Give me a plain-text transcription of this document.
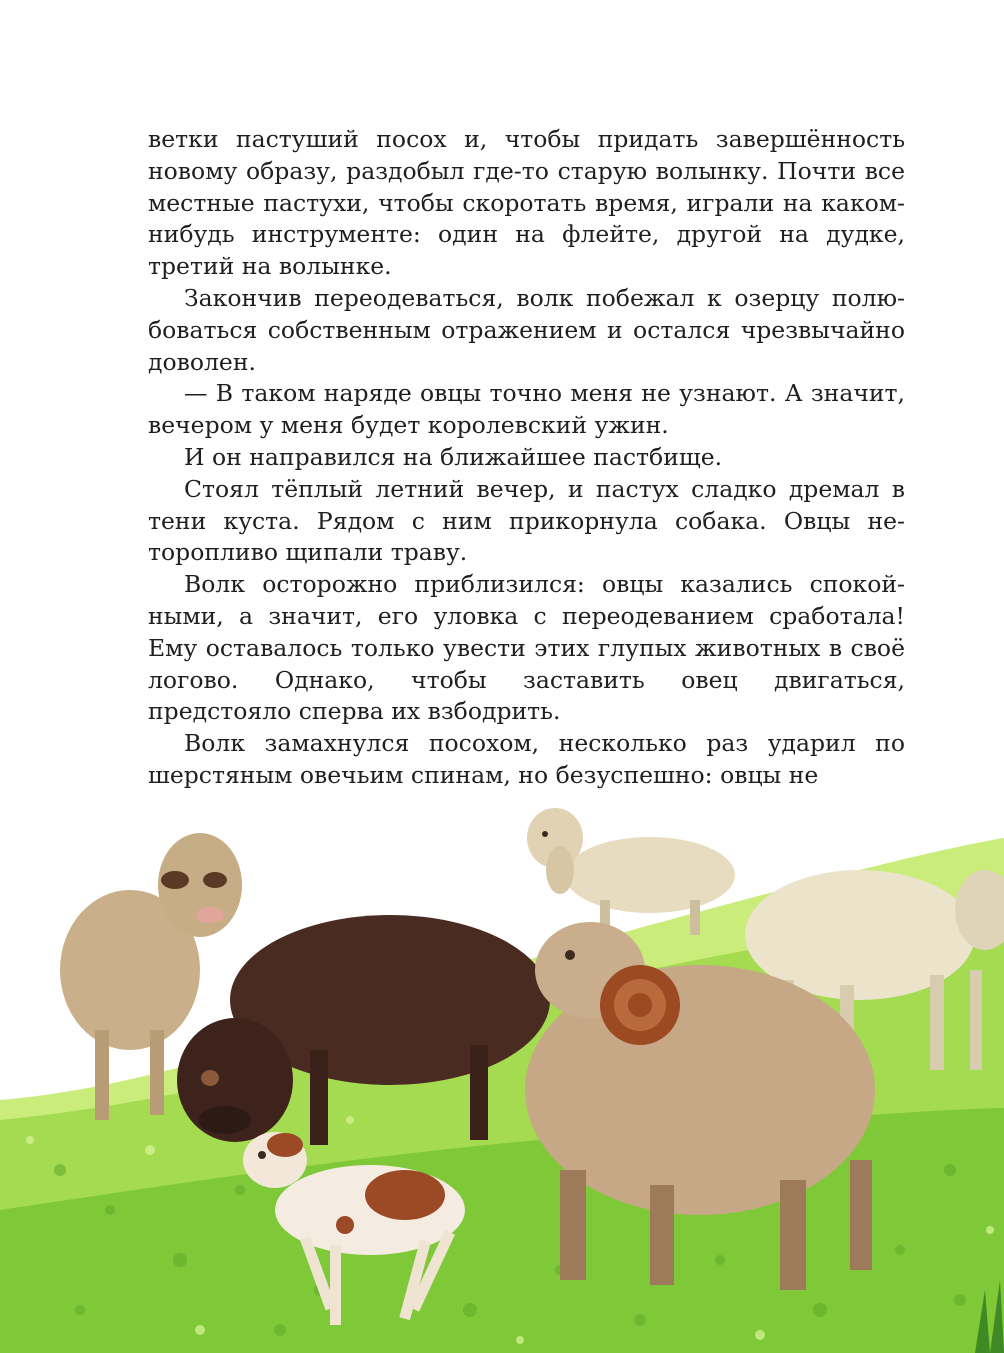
ветки пастуший посох и, чтобы придать завершённость новому образу, раздобыл где-то старую волынку. Почти все местные пастухи, чтобы скоротать время, играли на каком-нибудь инструменте: один на флейте, другой на дудке, третий на волынке.

Закончив переодеваться, волк побежал к озерцу полюбоваться собственным отражением и остался чрезвычайно доволен.

— В таком наряде овцы точно меня не узнают. А значит, вечером у меня будет королевский ужин.

И он направился на ближайшее пастбище.

Стоял тёплый летний вечер, и пастух сладко дремал в тени куста. Рядом с ним прикорнула собака. Овцы неторопливо щипали траву.

Волк осторожно приблизился: овцы казались спокойными, а значит, его уловка с переодеванием сработала! Ему оставалось только увести этих глупых животных в своё логово. Однако, чтобы заставить овец двигаться, предстояло сперва их взбодрить.

Волк замахнулся посохом, несколько раз ударил по шерстяным овечьим спинам, но безуспешно: овцы не
